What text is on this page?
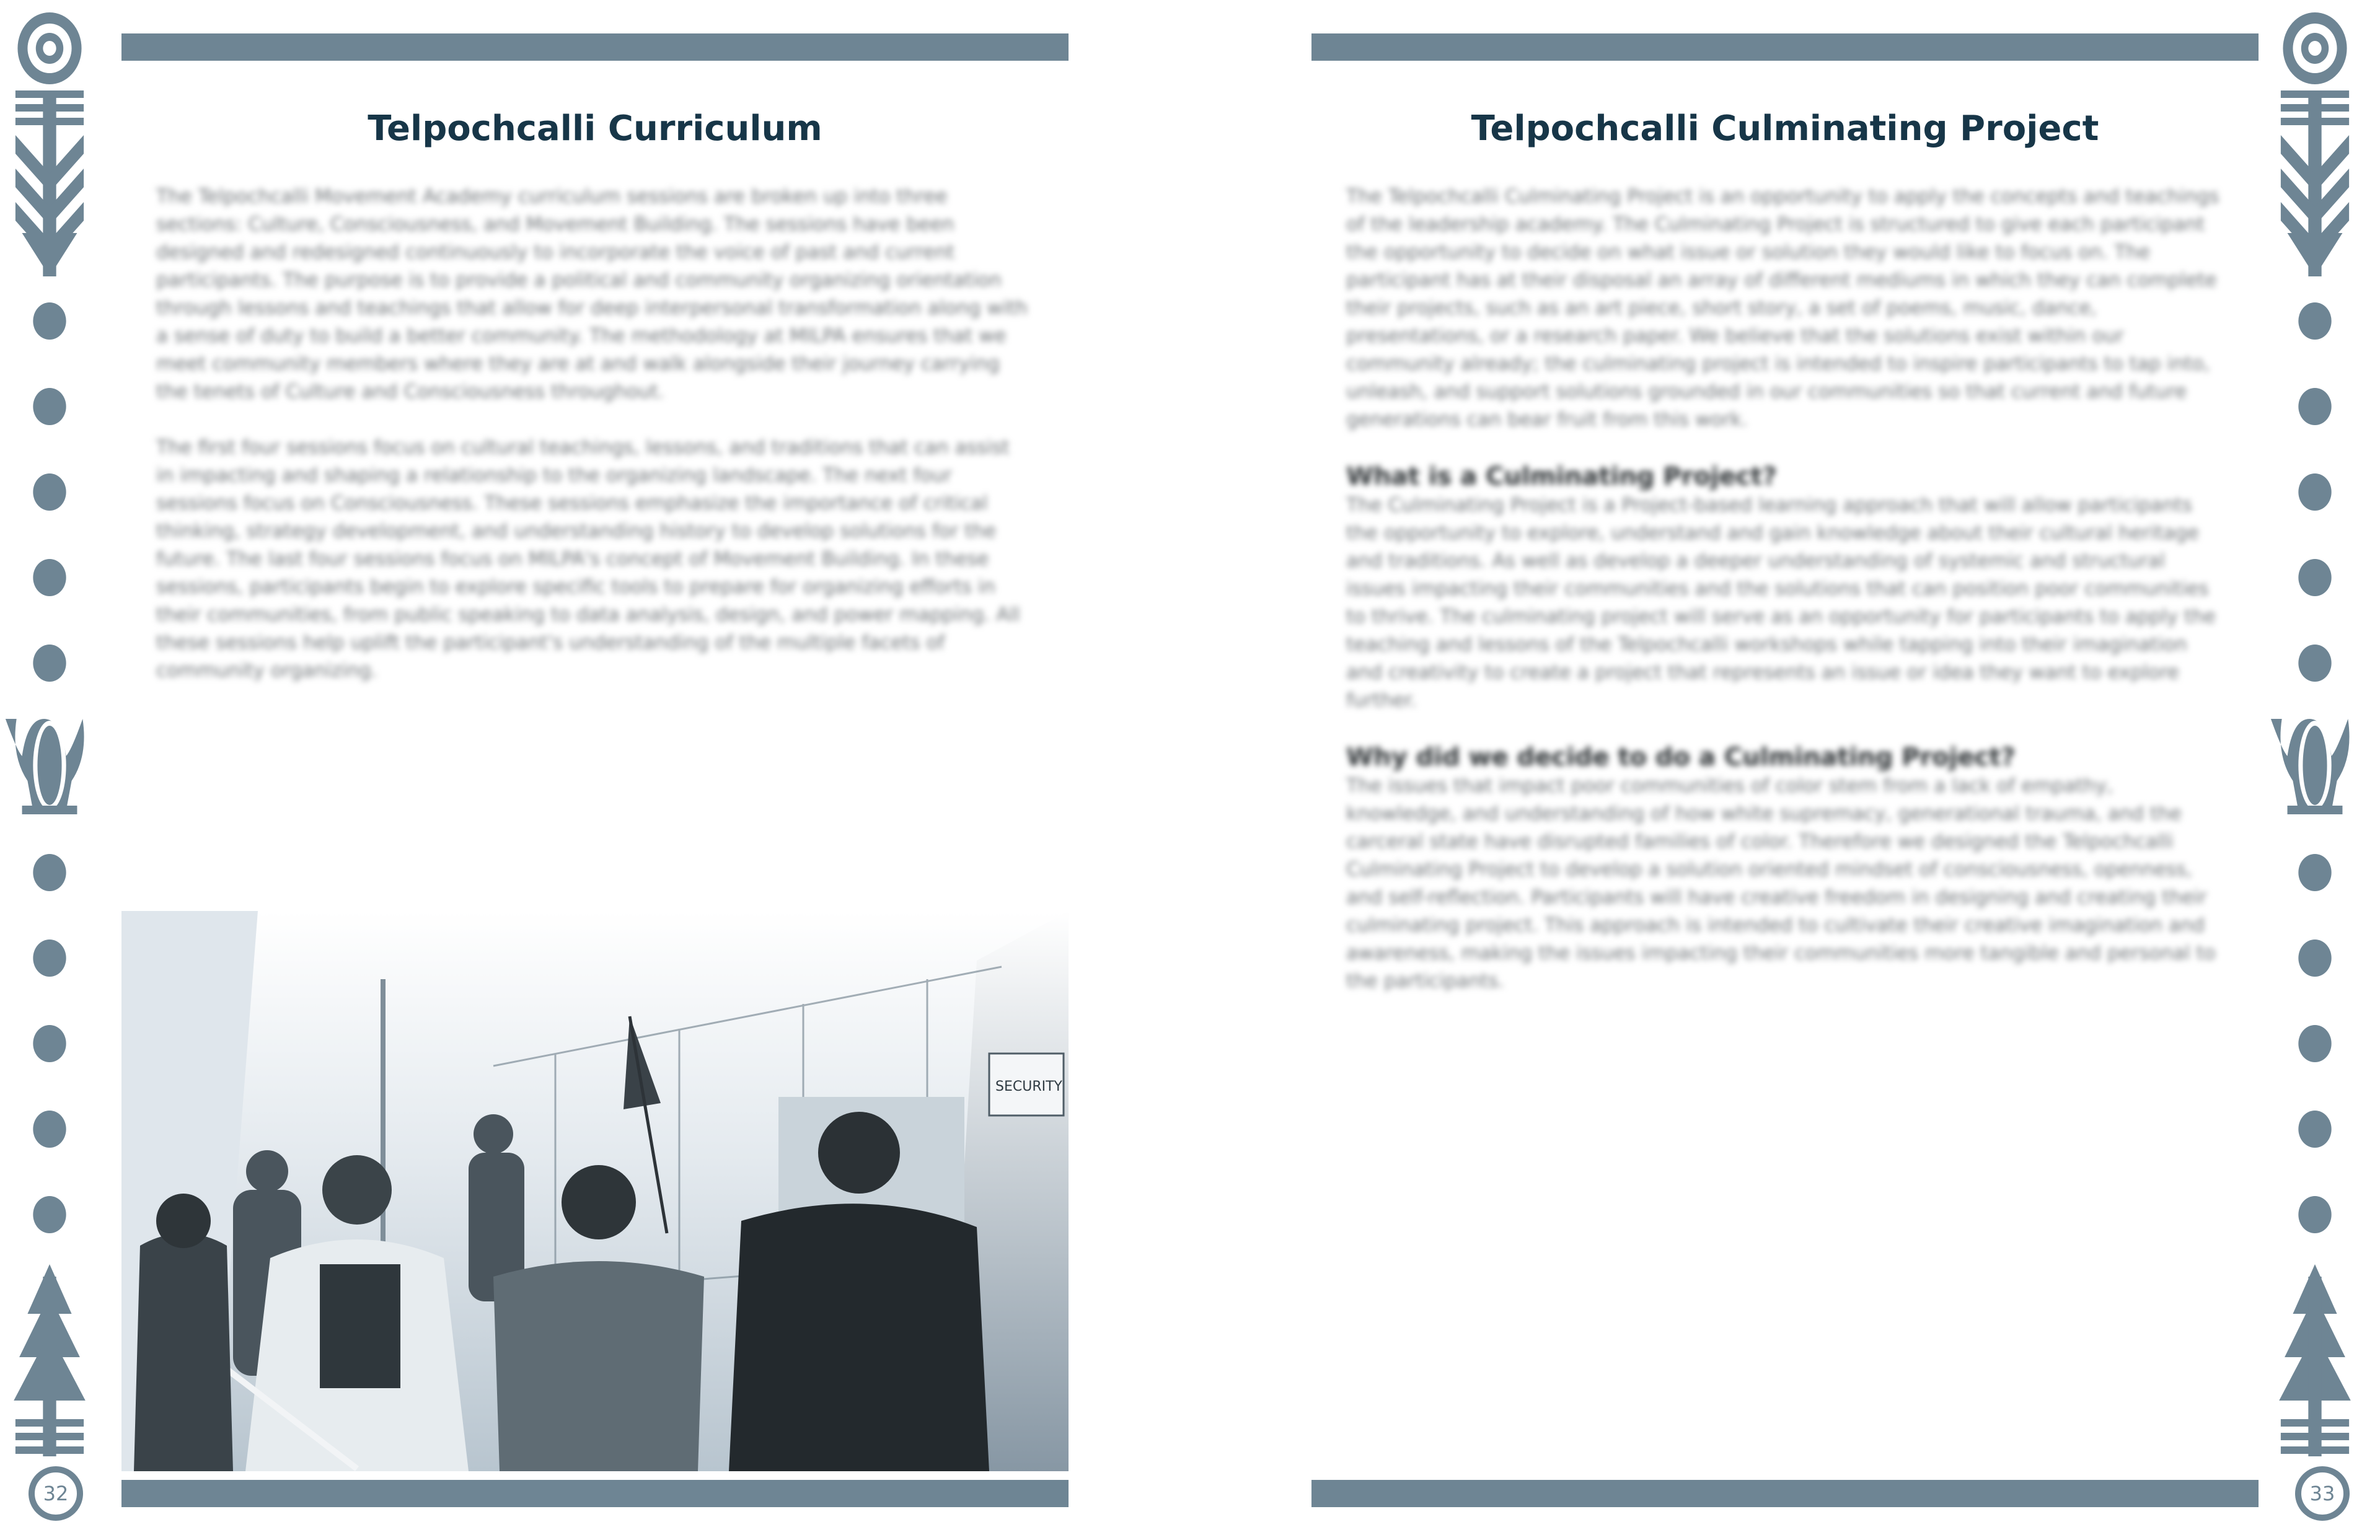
Telpochcalli Curriculum

The Telpochcalli Movement Academy curriculum sessions are broken up into three sections: Culture, Consciousness, and Movement Building. The sessions have been designed and redesigned continuously to incorporate the voice of past and current participants. The purpose is to provide a political and community organizing orientation through lessons and teachings that allow for deep interpersonal transformation along with a sense of duty to build a better community. The methodology at MILPA ensures that we meet community members where they are at and walk alongside their journey carrying the tenets of Culture and Consciousness throughout.

The first four sessions focus on cultural teachings, lessons, and traditions that can assist in impacting and shaping a relationship to the organizing landscape. The next four sessions focus on Consciousness. These sessions emphasize the importance of critical thinking, strategy development, and understanding history to develop solutions for the future. The last four sessions focus on MILPA's concept of Movement Building. In these sessions, participants begin to explore specific tools to prepare for organizing efforts in their communities, from public speaking to data analysis, design, and power mapping. All these sessions help uplift the participant's understanding of the multiple facets of community organizing.

SECURITY
32
Telpochcalli Culminating Project

The Telpochcalli Culminating Project is an opportunity to apply the concepts and teachings of the leadership academy. The Culminating Project is structured to give each participant the opportunity to decide on what issue or solution they would like to focus on. The participant has at their disposal an array of different mediums in which they can complete their projects, such as an art piece, short story, a set of poems, music, dance, presentations, or a research paper. We believe that the solutions exist within our community already; the culminating project is intended to inspire participants to tap into, unleash, and support solutions grounded in our communities so that current and future generations can bear fruit from this work.

What is a Culminating Project?

The Culminating Project is a Project-based learning approach that will allow participants the opportunity to explore, understand and gain knowledge about their cultural heritage and traditions. As well as develop a deeper understanding of systemic and structural issues impacting their communities and the solutions that can position poor communities to thrive. The culminating project will serve as an opportunity for participants to apply the teaching and lessons of the Telpochcalli workshops while tapping into their imagination and creativity to create a project that represents an issue or idea they want to explore further.

Why did we decide to do a Culminating Project?

The issues that impact poor communities of color stem from a lack of empathy, knowledge, and understanding of how white supremacy, generational trauma, and the carceral state have disrupted families of color. Therefore we designed the Telpochcalli Culminating Project to develop a solution oriented mindset of consciousness, openness, and self-reflection. Participants will have creative freedom in designing and creating their culminating project. This approach is intended to cultivate their creative imagination and awareness, making the issues impacting their communities more tangible and personal to the participants.

33
